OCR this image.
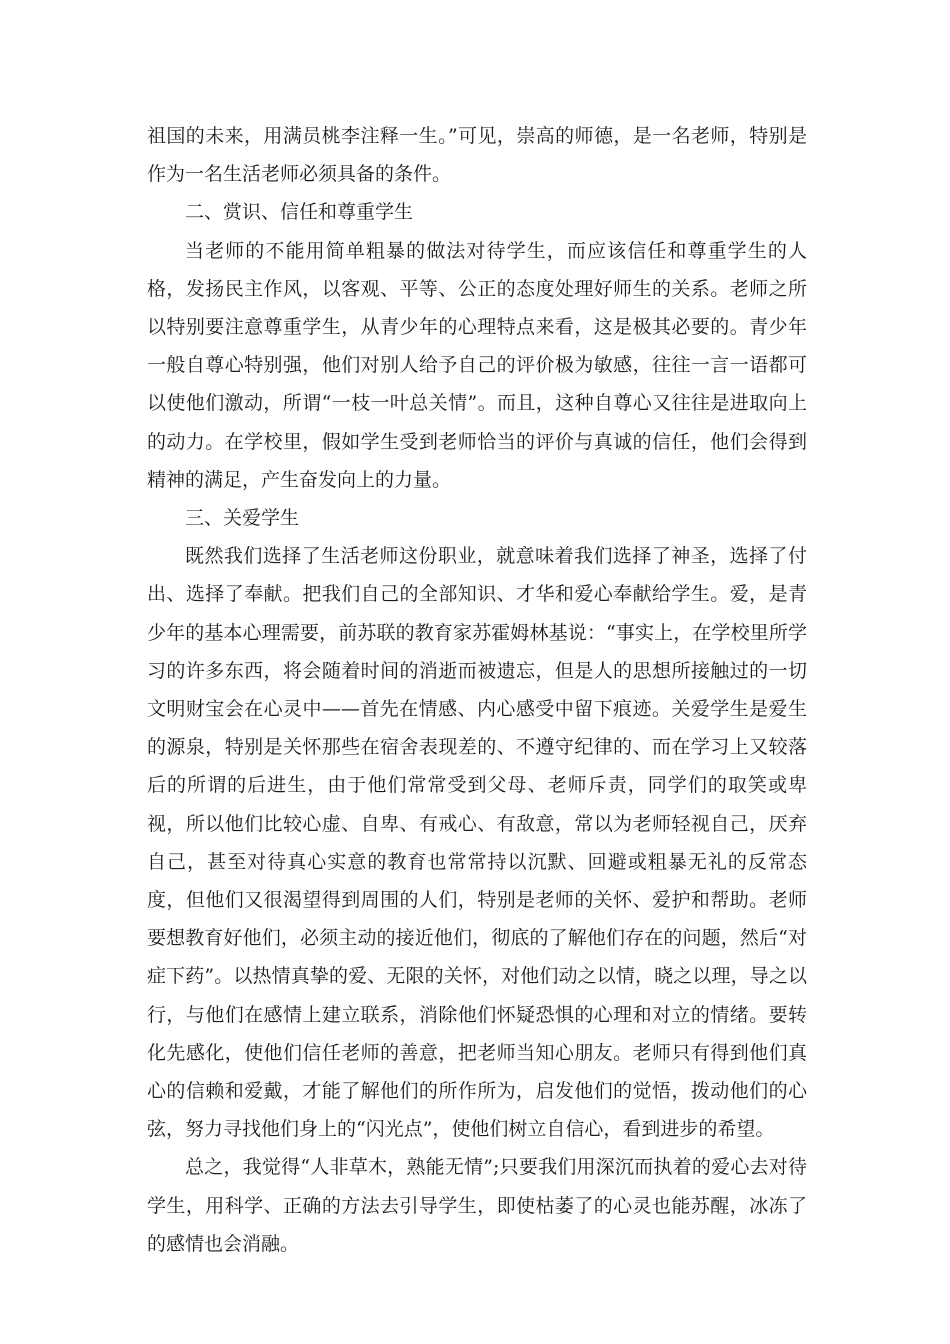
祖国的未来，用满员桃李注释一生。”可见，崇高的师德，是一名老师，特别是作为一名生活老师必须具备的条件。

二、赏识、信任和尊重学生

当老师的不能用简单粗暴的做法对待学生，而应该信任和尊重学生的人格，发扬民主作风，以客观、平等、公正的态度处理好师生的关系。老师之所以特别要注意尊重学生，从青少年的心理特点来看，这是极其必要的。青少年一般自尊心特别强，他们对别人给予自己的评价极为敏感，往往一言一语都可以使他们激动，所谓“一枝一叶总关情”。而且，这种自尊心又往往是进取向上的动力。在学校里，假如学生受到老师恰当的评价与真诚的信任，他们会得到精神的满足，产生奋发向上的力量。

三、关爱学生

既然我们选择了生活老师这份职业，就意味着我们选择了神圣，选择了付出、选择了奉献。把我们自己的全部知识、才华和爱心奉献给学生。爱，是青少年的基本心理需要，前苏联的教育家苏霍姆林基说：“事实上，在学校里所学习的许多东西，将会随着时间的消逝而被遗忘，但是人的思想所接触过的一切文明财宝会在心灵中——首先在情感、内心感受中留下痕迹。关爱学生是爱生的源泉，特别是关怀那些在宿舍表现差的、不遵守纪律的、而在学习上又较落后的所谓的后进生，由于他们常常受到父母、老师斥责，同学们的取笑或卑视，所以他们比较心虚、自卑、有戒心、有敌意，常以为老师轻视自己，厌弃自己，甚至对待真心实意的教育也常常持以沉默、回避或粗暴无礼的反常态度，但他们又很渴望得到周围的人们，特别是老师的关怀、爱护和帮助。老师要想教育好他们，必须主动的接近他们，彻底的了解他们存在的问题，然后“对症下药”。以热情真挚的爱、无限的关怀，对他们动之以情，晓之以理，导之以行，与他们在感情上建立联系，消除他们怀疑恐惧的心理和对立的情绪。要转化先感化，使他们信任老师的善意，把老师当知心朋友。老师只有得到他们真心的信赖和爱戴，才能了解他们的所作所为，启发他们的觉悟，拨动他们的心弦，努力寻找他们身上的“闪光点”，使他们树立自信心，看到进步的希望。

总之，我觉得“人非草木，熟能无情”;只要我们用深沉而执着的爱心去对待学生，用科学、正确的方法去引导学生，即使枯萎了的心灵也能苏醒，冰冻了的感情也会消融。
